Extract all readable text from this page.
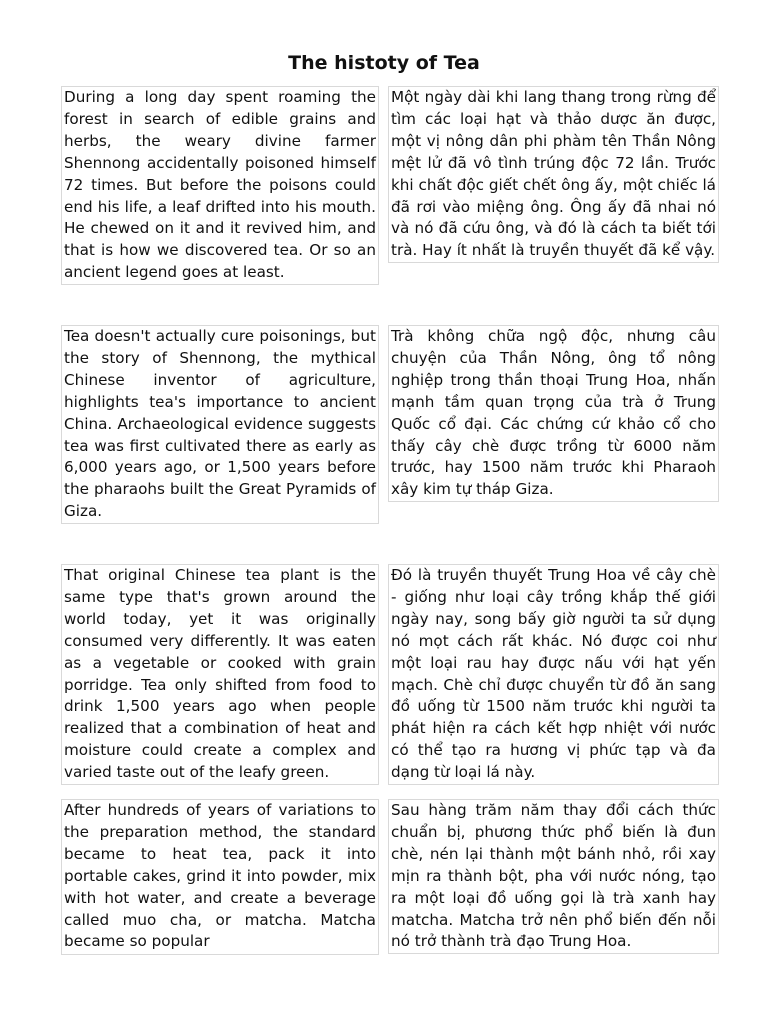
The histoty of Tea

During a long day spent roaming the forest in search of edible grains and herbs, the weary divine farmer Shennong accidentally poisoned himself 72 times. But before the poisons could end his life, a leaf drifted into his mouth. He chewed on it and it revived him, and that is how we discovered tea. Or so an ancient legend goes at least.

Một ngày dài khi lang thang trong rừng để tìm các loại hạt và thảo dược ăn được, một vị nông dân phi phàm tên Thần Nông mệt lử đã vô tình trúng độc 72 lần. Trước khi chất độc giết chết ông ấy, một chiếc lá đã rơi vào miệng ông. Ông ấy đã nhai nó và nó đã cứu ông, và đó là cách ta biết tới trà. Hay ít nhất là truyền thuyết đã kể vậy.

Tea doesn't actually cure poisonings, but the story of Shennong, the mythical Chinese inventor of agriculture, highlights tea's importance to ancient China. Archaeological evidence suggests tea was first cultivated there as early as 6,000 years ago, or 1,500 years before the pharaohs built the Great Pyramids of Giza.

Trà không chữa ngộ độc, nhưng câu chuyện của Thần Nông, ông tổ nông nghiệp trong thần thoại Trung Hoa, nhấn mạnh tầm quan trọng của trà ở Trung Quốc cổ đại. Các chứng cứ khảo cổ cho thấy cây chè được trồng từ 6000 năm trước, hay 1500 năm trước khi Pharaoh xây kim tự tháp Giza.

That original Chinese tea plant is the same type that's grown around the world today, yet it was originally consumed very differently. It was eaten as a vegetable or cooked with grain porridge. Tea only shifted from food to drink 1,500 years ago when people realized that a combination of heat and moisture could create a complex and varied taste out of the leafy green.

Đó là truyền thuyết Trung Hoa về cây chè - giống như loại cây trồng khắp thế giới ngày nay, song bấy giờ người ta sử dụng nó mọt cách rất khác. Nó được coi như một loại rau hay được nấu với hạt yến mạch. Chè chỉ được chuyển từ đồ ăn sang đồ uống từ 1500 năm trước khi người ta phát hiện ra cách kết hợp nhiệt với nước có thể tạo ra hương vị phức tạp và đa dạng từ loại lá này.

After hundreds of years of variations to the preparation method, the standard became to heat tea, pack it into portable cakes, grind it into powder, mix with hot water, and create a beverage called muo cha, or matcha. Matcha became so popular

Sau hàng trăm năm thay đổi cách thức chuẩn bị, phương thức phổ biến là đun chè, nén lại thành một bánh nhỏ, rồi xay mịn ra thành bột, pha với nước nóng, tạo ra một loại đồ uống gọi là trà xanh hay matcha. Matcha trở nên phổ biến đến nỗi nó trở thành trà đạo Trung Hoa.
